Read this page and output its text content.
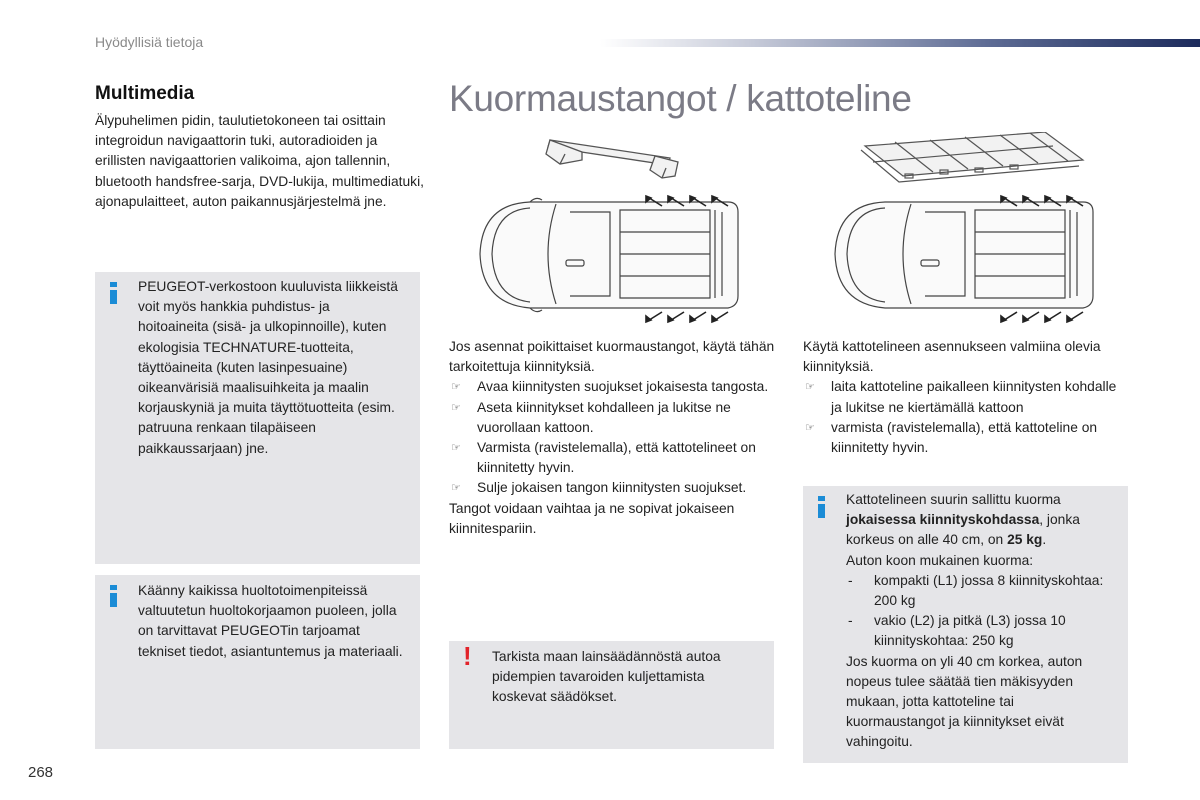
Hyödyllisiä tietoja
Multimedia

Älypuhelimen pidin, taulutietokoneen tai osittain integroidun navigaattorin tuki, autoradioiden ja erillisten navigaattorien valikoima, ajon tallennin, bluetooth handsfree-sarja, DVD-lukija, multimediatuki, ajonapulaitteet, auton paikannusjärjestelmä jne.

PEUGEOT-verkostoon kuuluvista liikkeistä voit myös hankkia puhdistus- ja hoitoaineita (sisä- ja ulkopinnoille), kuten ekologisia TECHNATURE-tuotteita, täyttöaineita (kuten lasinpesuaine) oikeanvärisiä maalisuihkeita ja maalin korjauskyniä ja muita täyttötuotteita (esim. patruuna renkaan tilapäiseen paikkaussarjaan) jne.
Käänny kaikissa huoltotoimenpiteissä valtuutetun huoltokorjaamon puoleen, jolla on tarvittavat PEUGEOTin tarjoamat tekniset tiedot, asiantuntemus ja materiaali.
Kuormaustangot / kattoteline
Jos asennat poikittaiset kuormaustangot, käytä tähän tarkoitettuja kiinnityksiä.
☞ Avaa kiinnitysten suojukset jokaisesta tangosta.
☞ Aseta kiinnitykset kohdalleen ja lukitse ne vuorollaan kattoon.
☞ Varmista (ravistelemalla), että kattotelineet on kiinnitetty hyvin.
☞ Sulje jokaisen tangon kiinnitysten suojukset.
Tangot voidaan vaihtaa ja ne sopivat jokaiseen kiinnitespariin.
! Tarkista maan lainsäädännöstä autoa pidempien tavaroiden kuljettamista koskevat säädökset.
Käytä kattotelineen asennukseen valmiina olevia kiinnityksiä.
☞ laita kattoteline paikalleen kiinnitysten kohdalle ja lukitse ne kiertämällä kattoon
☞ varmista (ravistelemalla), että kattoteline on kiinnitetty hyvin.
Kattotelineen suurin sallittu kuorma jokaisessa kiinnityskohdassa, jonka korkeus on alle 40 cm, on 25 kg.
Auton koon mukainen kuorma:
- kompakti (L1) jossa 8 kiinnityskohtaa: 200 kg
- vakio (L2) ja pitkä (L3) jossa 10 kiinnityskohtaa: 250 kg
Jos kuorma on yli 40 cm korkea, auton nopeus tulee säätää tien mäkisyyden mukaan, jotta kattoteline tai kuormaustangot ja kiinnitykset eivät vahingoitu.
268
